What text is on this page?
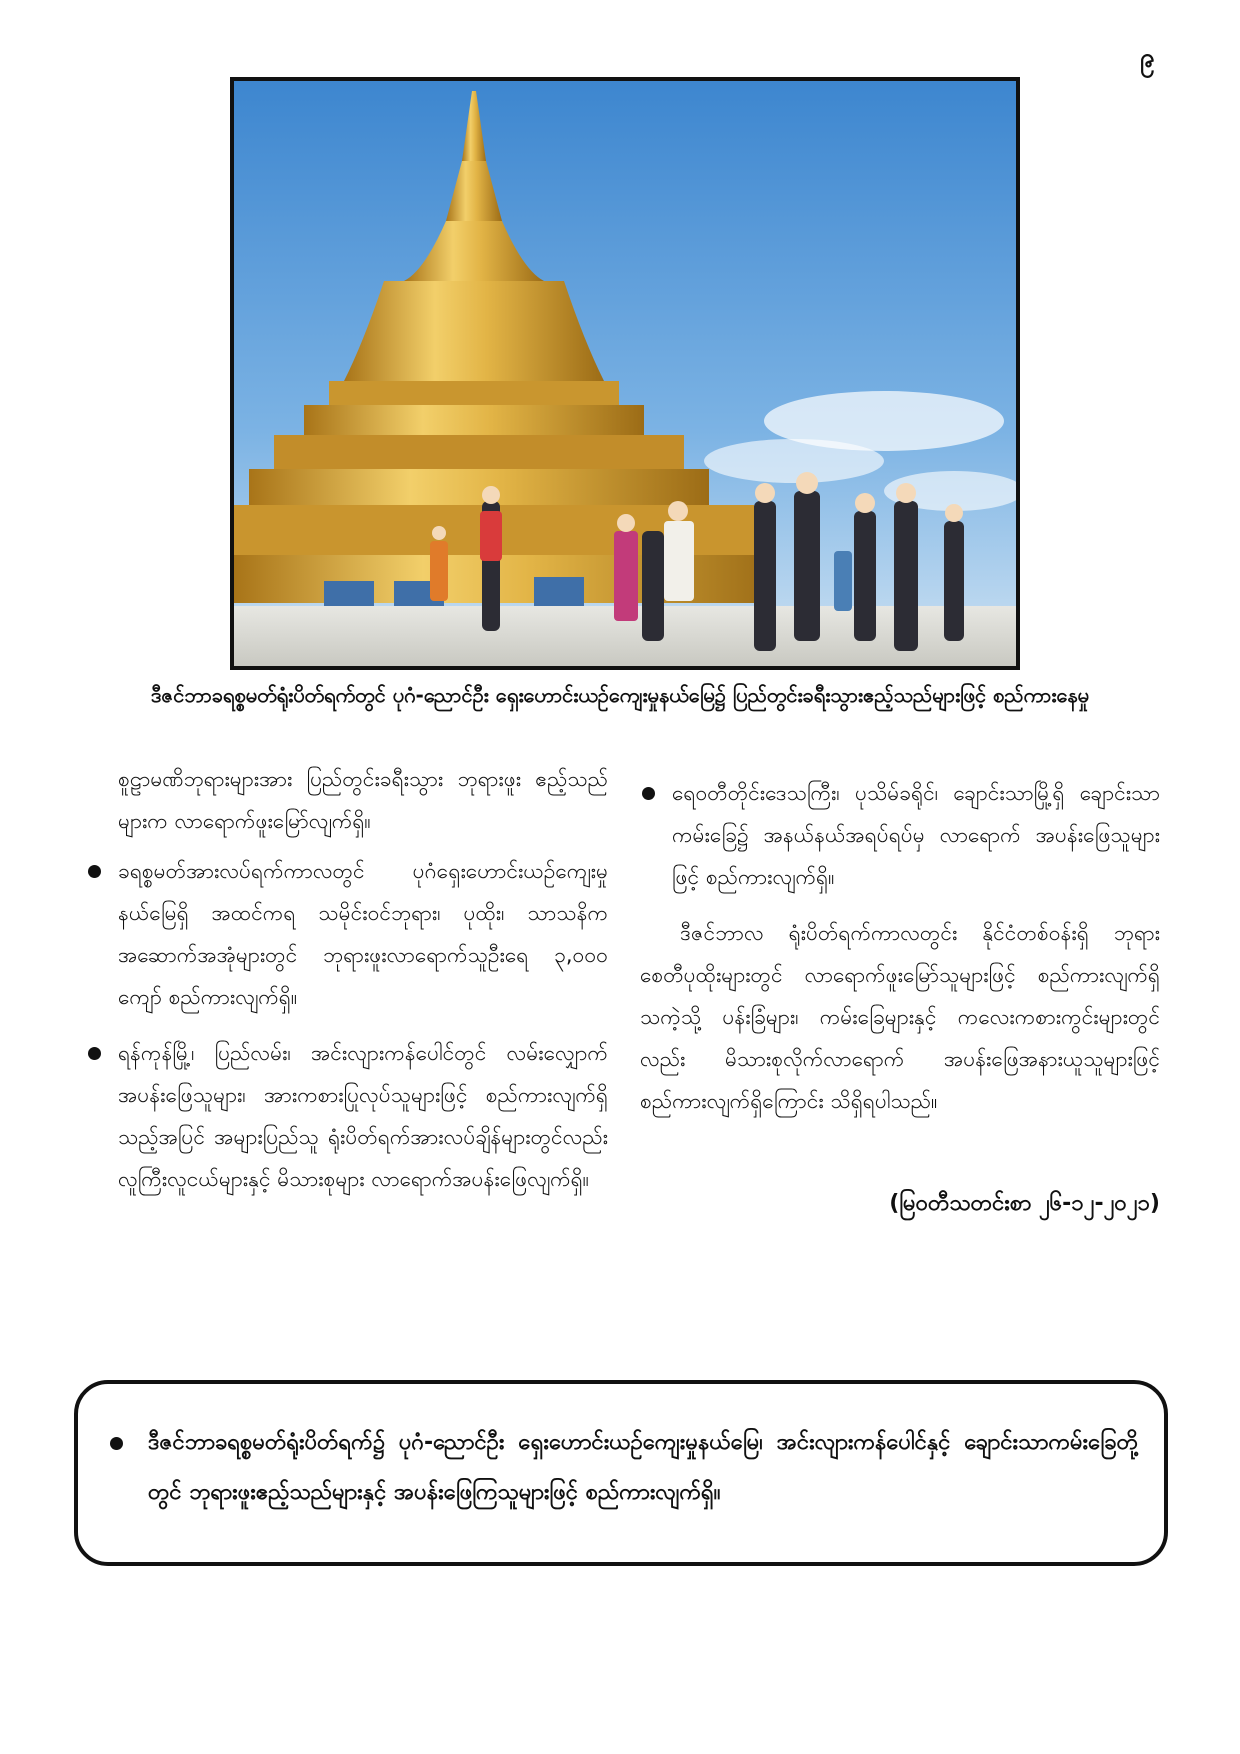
၉
ဒီဇင်ဘာခရစ္စမတ်ရုံးပိတ်ရက်တွင် ပုဂံ-ညောင်ဦး ရှေးဟောင်းယဉ်ကျေးမှုနယ်မြေ၌ ပြည်တွင်းခရီးသွားဧည့်သည်များဖြင့် စည်ကားနေမှု

စူဠာမဏိဘုရားများအား ပြည်တွင်းခရီးသွား ဘုရားဖူး ဧည့်သည်များက လာရောက်ဖူးမြော်လျက်ရှိ။

ခရစ္စမတ်အားလပ်ရက်ကာလတွင် ပုဂံရှေးဟောင်းယဉ်ကျေးမှုနယ်မြေရှိ အထင်ကရ သမိုင်းဝင်ဘုရား၊ ပုထိုး၊ သာသနိက အဆောက်အအုံများတွင် ဘုရားဖူးလာရောက်သူဦးရေ ၃,၀၀၀ ကျော် စည်ကားလျက်ရှိ။

ရန်ကုန်မြို့၊ ပြည်လမ်း၊ အင်းလျားကန်ပေါင်တွင် လမ်းလျှောက်အပန်းဖြေသူများ၊ အားကစားပြုလုပ်သူများဖြင့် စည်ကားလျက်ရှိသည့်အပြင် အများပြည်သူ ရုံးပိတ်ရက်အားလပ်ချိန်များတွင်လည်း လူကြီးလူငယ်များနှင့် မိသားစုများ လာရောက်အပန်းဖြေလျက်ရှိ။

ရေဝတီတိုင်းဒေသကြီး၊ ပုသိမ်ခရိုင်၊ ချောင်းသာမြို့ရှိ ချောင်းသာကမ်းခြေ၌ အနယ်နယ်အရပ်ရပ်မှ လာရောက် အပန်းဖြေသူများဖြင့် စည်ကားလျက်ရှိ။

ဒီဇင်ဘာလ ရုံးပိတ်ရက်ကာလတွင်း နိုင်ငံတစ်ဝန်းရှိ ဘုရားစေတီပုထိုးများတွင် လာရောက်ဖူးမြော်သူများဖြင့် စည်ကားလျက်ရှိသကဲ့သို့ ပန်းခြံများ၊ ကမ်းခြေများနှင့် ကလေးကစားကွင်းများတွင်လည်း မိသားစုလိုက်လာရောက် အပန်းဖြေအနားယူသူများဖြင့် စည်ကားလျက်ရှိကြောင်း သိရှိရပါသည်။

(မြဝတီသတင်းစာ ၂၆-၁၂-၂၀၂၁)

ဒီဇင်ဘာခရစ္စမတ်ရုံးပိတ်ရက်၌ ပုဂံ-ညောင်ဦး ရှေးဟောင်းယဉ်ကျေးမှုနယ်မြေ၊ အင်းလျားကန်ပေါင်နှင့် ချောင်းသာကမ်းခြေတို့တွင် ဘုရားဖူးဧည့်သည်များနှင့် အပန်းဖြေကြသူများဖြင့် စည်ကားလျက်ရှိ။
